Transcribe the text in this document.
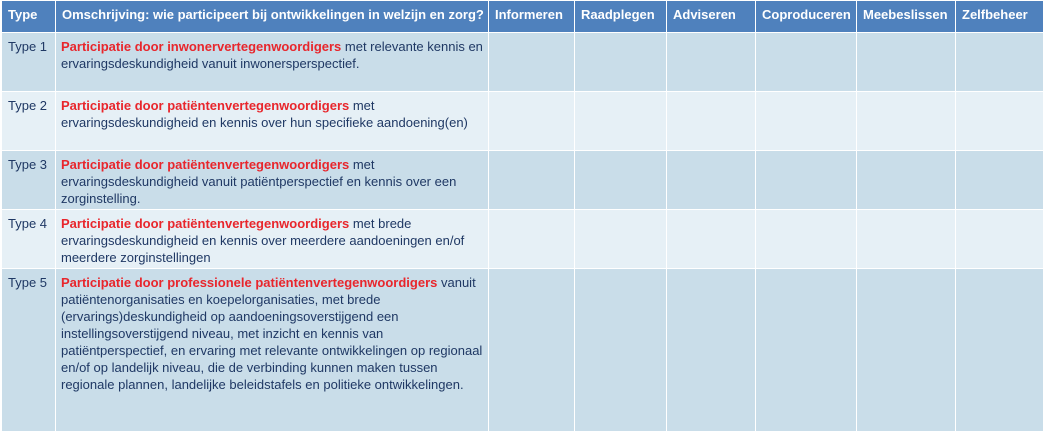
Type	Omschrijving: wie participeert bij ontwikkelingen in welzijn en zorg?	Informeren	Raadplegen	Adviseren	Coproduceren	Meebeslissen	Zelfbeheer
Type 1	Participatie door inwonervertegenwoordigers met relevante kennis en ervaringsdeskundigheid vanuit inwonersperspectief.						
Type 2	Participatie door patiëntenvertegenwoordigers met ervaringsdeskundigheid en kennis over hun specifieke aandoening(en)						
Type 3	Participatie door patiëntenvertegenwoordigers met ervaringsdeskundigheid vanuit patiëntperspectief en kennis over een zorginstelling.						
Type 4	Participatie door patiëntenvertegenwoordigers met brede ervaringsdeskundigheid en kennis over meerdere aandoeningen en/of meerdere zorginstellingen						
Type 5	Participatie door professionele patiëntenvertegenwoordigers vanuit patiëntenorganisaties en koepelorganisaties, met brede (ervarings)deskundigheid op aandoeningsoverstijgend een instellingsoverstijgend niveau, met inzicht en kennis van patiëntperspectief, en ervaring met relevante ontwikkelingen op regionaal en/of op landelijk niveau, die de verbinding kunnen maken tussen regionale plannen, landelijke beleidstafels en politieke ontwikkelingen.						
